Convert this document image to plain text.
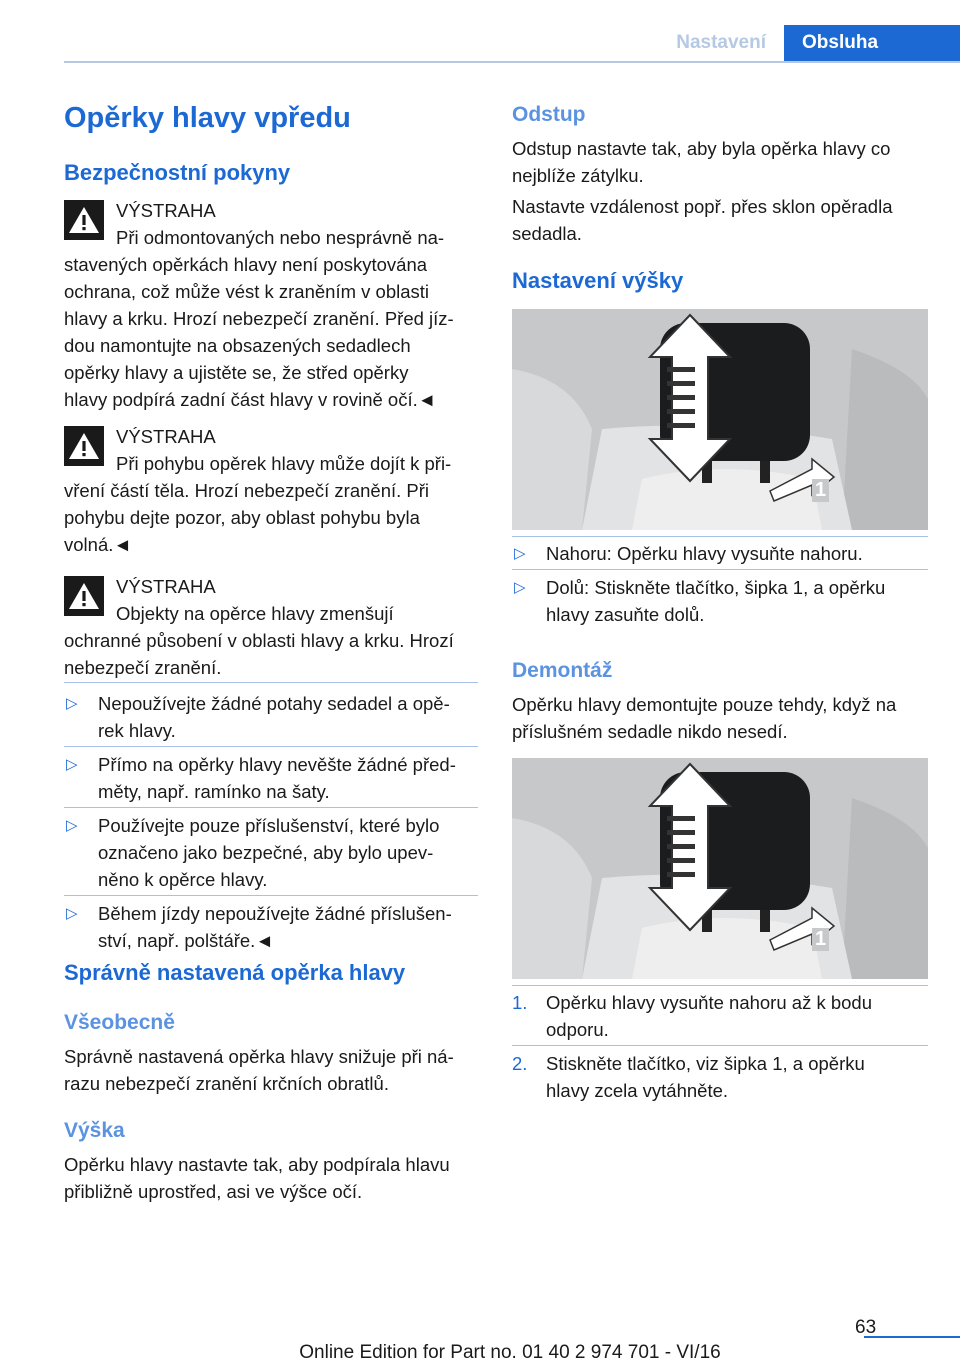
Nastavení	Obsluha
Opěrky hlavy vpředu
Bezpečnostní pokyny
VÝSTRAHA
Při odmontovaných nebo nesprávně na-
stavených opěrkách hlavy není poskytována
ochrana, což může vést k zraněním v oblasti
hlavy a krku. Hrozí nebezpečí zranění. Před jíz-
dou namontujte na obsazených sedadlech
opěrky hlavy a ujistěte se, že střed opěrky
hlavy podpírá zadní část hlavy v rovině očí.◄
VÝSTRAHA
Při pohybu opěrek hlavy může dojít k při-
vření částí těla. Hrozí nebezpečí zranění. Při
pohybu dejte pozor, aby oblast pohybu byla
volná.◄
VÝSTRAHA
Objekty na opěrce hlavy zmenšují
ochranné působení v oblasti hlavy a krku. Hrozí
nebezpečí zranění.
▷ Nepoužívejte žádné potahy sedadel a opě-
rek hlavy.
▷ Přímo na opěrky hlavy nevěšte žádné před-
měty, např. ramínko na šaty.
▷ Používejte pouze příslušenství, které bylo
označeno jako bezpečné, aby bylo upev-
něno k opěrce hlavy.
▷ Během jízdy nepoužívejte žádné příslušen-
ství, např. polštáře.◄
Správně nastavená opěrka hlavy
Všeobecně
Správně nastavená opěrka hlavy snižuje při ná-
razu nebezpečí zranění krčních obratlů.
Výška
Opěrku hlavy nastavte tak, aby podpírala hlavu
přibližně uprostřed, asi ve výšce očí.
Odstup
Odstup nastavte tak, aby byla opěrka hlavy co
nejblíže zátylku.
Nastavte vzdálenost popř. přes sklon opěradla
sedadla.
Nastavení výšky
1
▷ Nahoru: Opěrku hlavy vysuňte nahoru.
▷ Dolů: Stiskněte tlačítko, šipka 1, a opěrku
hlavy zasuňte dolů.
Demontáž
Opěrku hlavy demontujte pouze tehdy, když na
příslušném sedadle nikdo nesedí.
1
1. Opěrku hlavy vysuňte nahoru až k bodu
odporu.
2. Stiskněte tlačítko, viz šipka 1, a opěrku
hlavy zcela vytáhněte.
63
Online Edition for Part no. 01 40 2 974 701 - VI/16
